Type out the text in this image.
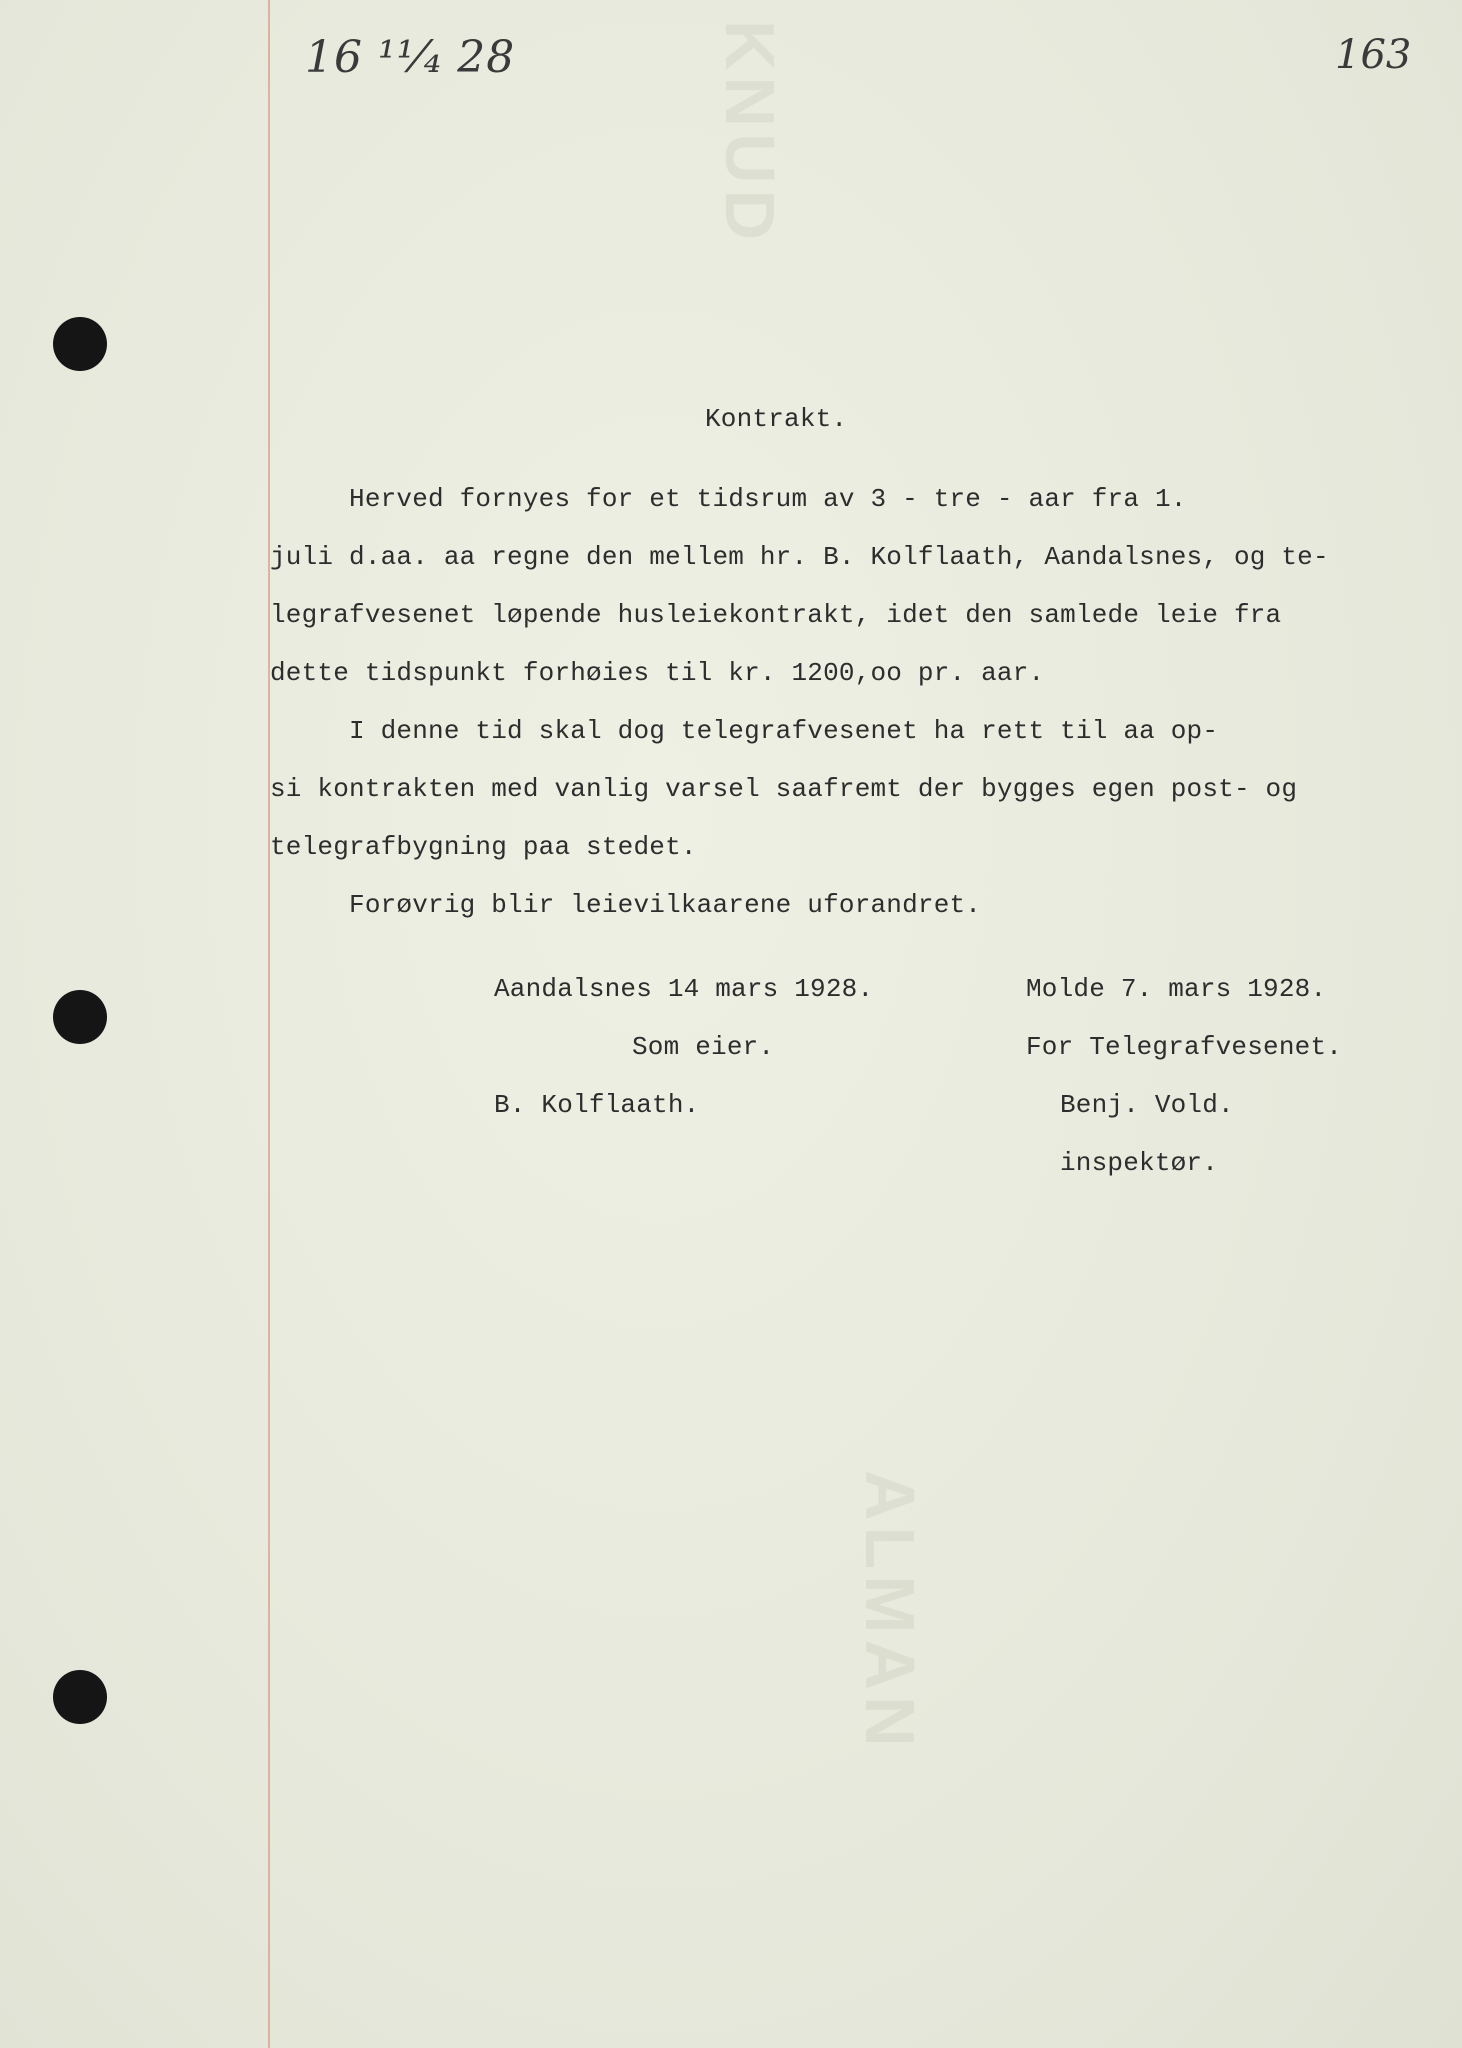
KNUD
ALMAN
16 ¹¹⁄₄ 28	163
Kontrakt.
Herved fornyes for et tidsrum av 3 - tre - aar fra 1.
juli d.aa. aa regne den mellem hr. B. Kolflaath, Aandalsnes, og te-
legrafvesenet løpende husleiekontrakt, idet den samlede leie fra
dette tidspunkt forhøies til kr. 1200,oo pr. aar.
I denne tid skal dog telegrafvesenet ha rett til aa op-
si kontrakten med vanlig varsel saafremt der bygges egen post- og
telegrafbygning paa stedet.
Forøvrig blir leievilkaarene uforandret.
Aandalsnes 14 mars 1928.
Som eier.
B. Kolflaath.
Molde 7. mars 1928.
For Telegrafvesenet.
Benj. Vold.
inspektør.
